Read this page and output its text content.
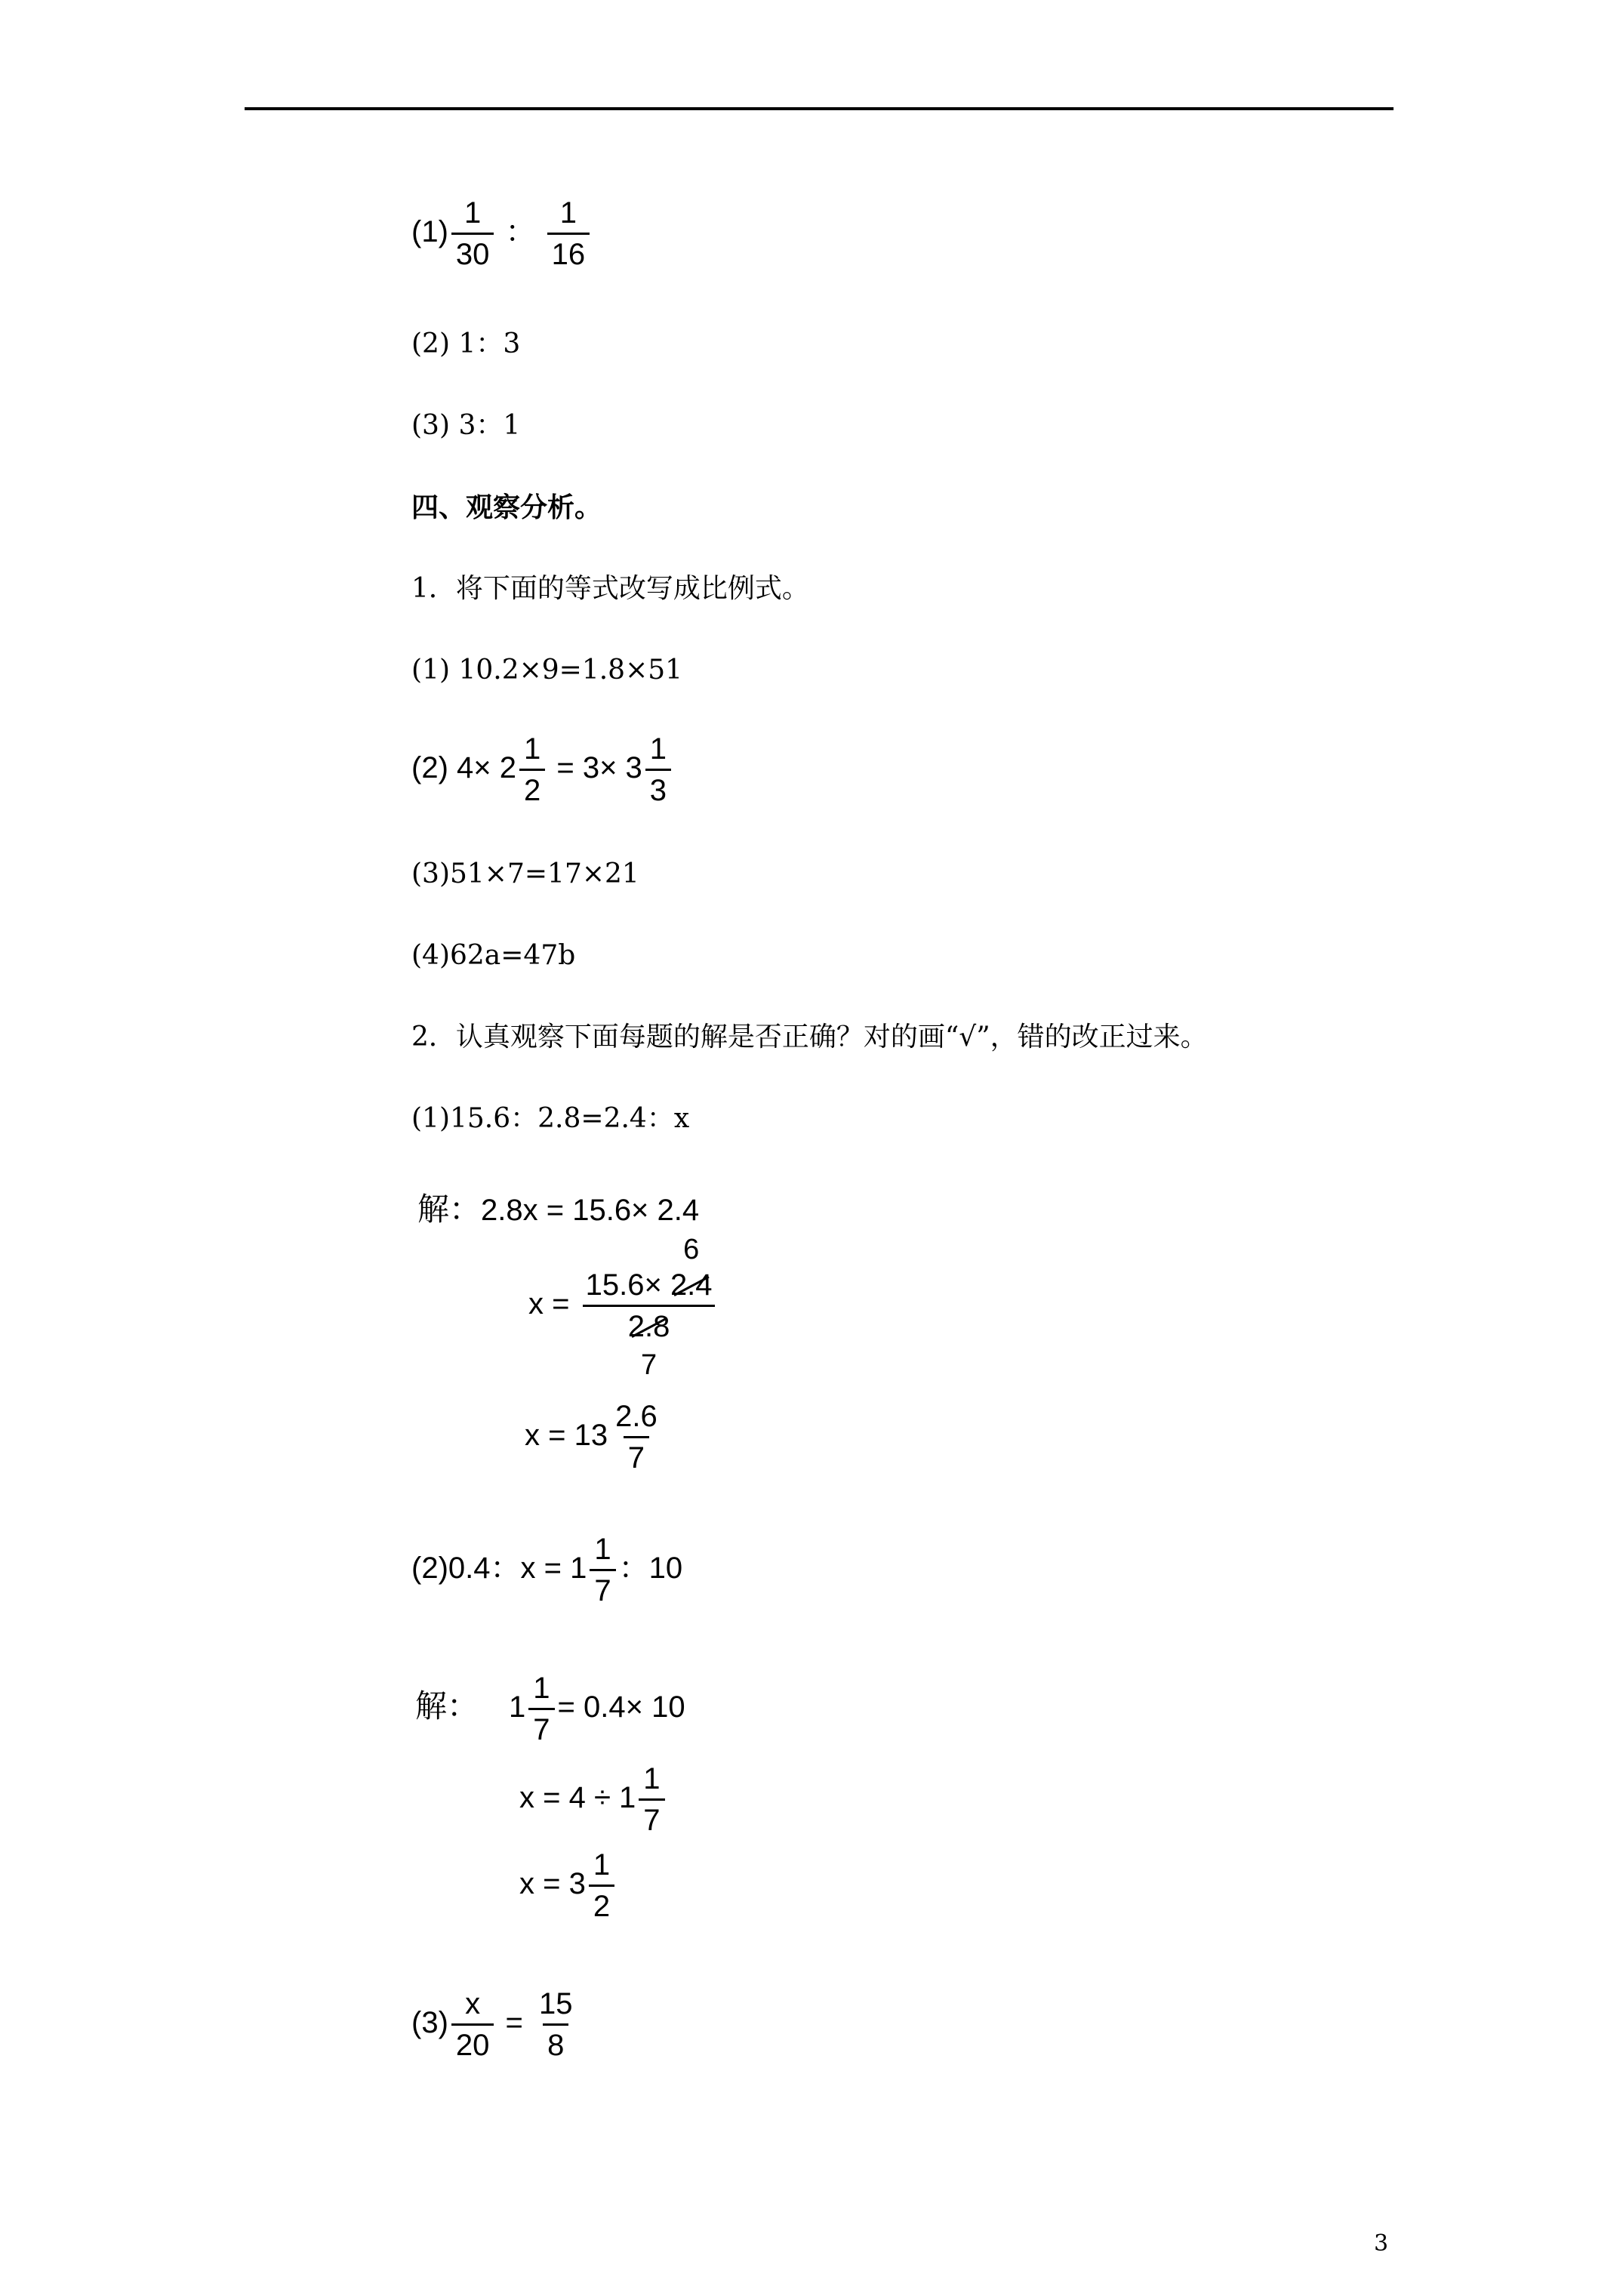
$(1) \frac{1}{30}$ ： $\frac{1}{16}$
(2) 1：3
(3) 3：1
四、观察分析。
1．将下面的等式改写成比例式。
(1) 10.2×9=1.8×51
(2) $4\times 2 \frac{1}{2} = 3\times 3 \frac{1}{3}$
(3)51×7=17×21
(4)62a=47b
2．认真观察下面每题的解是否正确？对的画“√”，错的改正过来。
(1)15.6：2.8=2.4：x
解：2.8x = 15.6× 2.4
x = 15.6× 2.4
6
2.8
7
$x = 13 \frac{2.6}{7}$
(2)0.4：$x = 1 \frac{1}{7}$ ：10
解： $1 \frac{1}{7} = 0.4\times 10$
$x = 4 \div 1 \frac{1}{7}$
$x = 3 \frac{1}{2}$
$(3) \frac{x}{20} = \frac{15}{8}$
3
